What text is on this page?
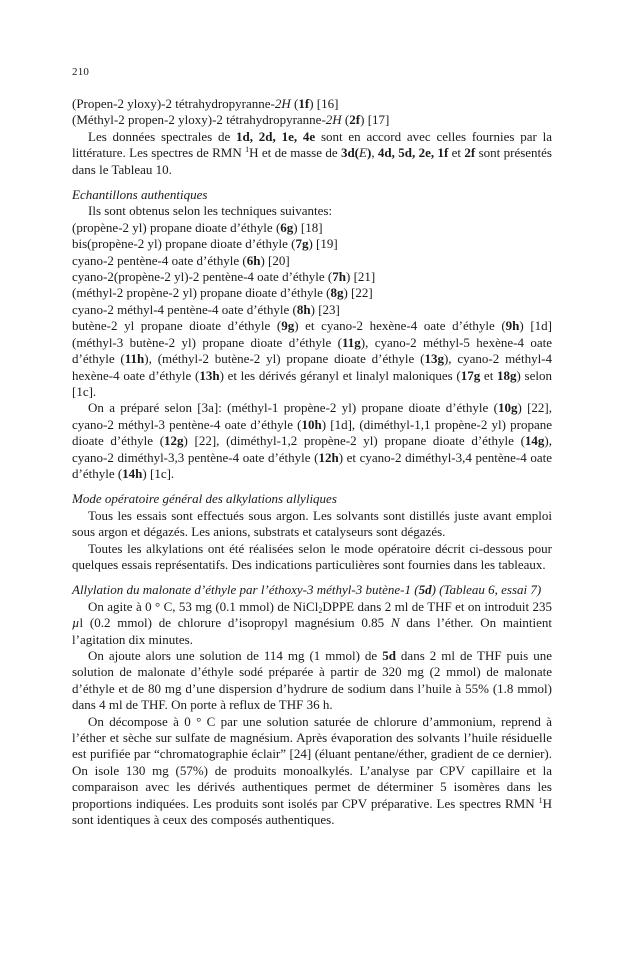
210

(Propen-2 yloxy)-2 tétrahydropyranne-2H (1f) [16]

(Méthyl-2 propen-2 yloxy)-2 tétrahydropyranne-2H (2f) [17]

Les données spectrales de 1d, 2d, 1e, 4e sont en accord avec celles fournies par la littérature. Les spectres de RMN $^1$H et de masse de 3d(E), 4d, 5d, 2e, 1f et 2f sont présentés dans le Tableau 10.

Echantillons authentiques

Ils sont obtenus selon les techniques suivantes:

(propène-2 yl) propane dioate d’éthyle (6g) [18]

bis(propène-2 yl) propane dioate d’éthyle (7g) [19]

cyano-2 pentène-4 oate d’éthyle (6h) [20]

cyano-2(propène-2 yl)-2 pentène-4 oate d’éthyle (7h) [21]

(méthyl-2 propène-2 yl) propane dioate d’éthyle (8g) [22]

cyano-2 méthyl-4 pentène-4 oate d’éthyle (8h) [23]

butène-2 yl propane dioate d’éthyle (9g) et cyano-2 hexène-4 oate d’éthyle (9h) [1d] (méthyl-3 butène-2 yl) propane dioate d’éthyle (11g), cyano-2 méthyl-5 hexène-4 oate d’éthyle (11h), (méthyl-2 butène-2 yl) propane dioate d’éthyle (13g), cyano-2 méthyl-4 hexène-4 oate d’éthyle (13h) et les dérivés géranyl et linalyl maloniques (17g et 18g) selon [1c].

On a préparé selon [3a]: (méthyl-1 propène-2 yl) propane dioate d’éthyle (10g) [22], cyano-2 méthyl-3 pentène-4 oate d’éthyle (10h) [1d], (diméthyl-1,1 propène-2 yl) propane dioate d’éthyle (12g) [22], (diméthyl-1,2 propène-2 yl) propane dioate d’éthyle (14g), cyano-2 diméthyl-3,3 pentène-4 oate d’éthyle (12h) et cyano-2 diméthyl-3,4 pentène-4 oate d’éthyle (14h) [1c].

Mode opératoire général des alkylations allyliques

Tous les essais sont effectués sous argon. Les solvants sont distillés juste avant emploi sous argon et dégazés. Les anions, substrats et catalyseurs sont dégazés.

Toutes les alkylations ont été réalisées selon le mode opératoire décrit ci-dessous pour quelques essais représentatifs. Des indications particulières sont fournies dans les tableaux.

Allylation du malonate d’éthyle par l’éthoxy-3 méthyl-3 butène-1 (5d) (Tableau 6, essai 7)

On agite à 0 ° C, 53 mg (0.1 mmol) de NiCl$_2$DPPE dans 2 ml de THF et on introduit 235 µl (0.2 mmol) de chlorure d’isopropyl magnésium 0.85 N dans l’éther. On maintient l’agitation dix minutes.

On ajoute alors une solution de 114 mg (1 mmol) de 5d dans 2 ml de THF puis une solution de malonate d’éthyle sodé préparée à partir de 320 mg (2 mmol) de malonate d’éthyle et de 80 mg d’une dispersion d’hydrure de sodium dans l’huile à 55% (1.8 mmol) dans 4 ml de THF. On porte à reflux de THF 36 h.

On décompose à 0 ° C par une solution saturée de chlorure d’ammonium, reprend à l’éther et sèche sur sulfate de magnésium. Après évaporation des solvants l’huile résiduelle est purifiée par “chromatographie éclair” [24] (éluant pentane/éther, gradient de ce dernier). On isole 130 mg (57%) de produits monoalkylés. L’analyse par CPV capillaire et la comparaison avec les dérivés authentiques permet de déterminer 5 isomères dans les proportions indiquées. Les produits sont isolés par CPV préparative. Les spectres RMN $^1$H sont identiques à ceux des composés authentiques.
